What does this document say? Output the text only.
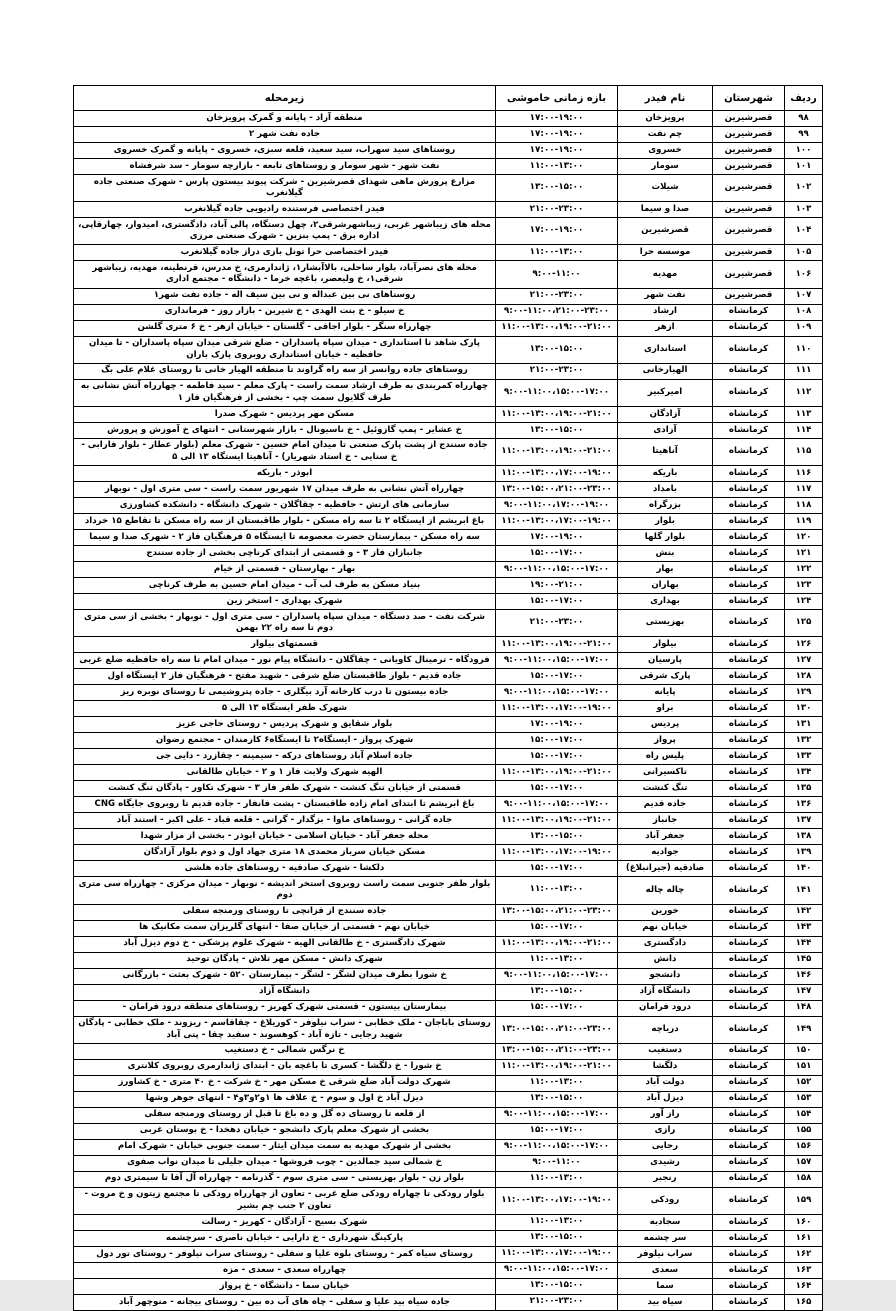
ردیف	شهرستان	نام فیدر	بازه زمانی خاموشی	زیرمحله
۹۸	قصرشیرین	پرویزخان	۱۷:۰۰-۱۹:۰۰	منطقه آزاد - پایانه و گمرک پرویزخان
۹۹	قصرشیرین	چم نفت	۱۷:۰۰-۱۹:۰۰	جاده نفت شهر ۲
۱۰۰	قصرشیرین	خسروی	۱۷:۰۰-۱۹:۰۰	روستاهای سید سهراب، سید سعید، قلعه سبزی، خسروی - پایانه و گمرک خسروی
۱۰۱	قصرشیرین	سومار	۱۱:۰۰-۱۳:۰۰	نفت شهر - شهر سومار و روستاهای تابعه - بازارچه سومار - سد شرفشاه
۱۰۲	قصرشیرین	شیلات	۱۳:۰۰-۱۵:۰۰	مزارع پرورش ماهی شهدای قصرشیرین - شرکت پیوند بیستون پارس - شهرک صنعتی جاده گیلانغرب
۱۰۳	قصرشیرین	صدا و سیما	۲۱:۰۰-۲۳:۰۰	فیدر اختصاصی فرستنده رادیویی جاده گیلانغرب
۱۰۴	قصرشیرین	قصرشیرین	۱۷:۰۰-۱۹:۰۰	محله های زیباشهر غربی، زیباشهرشرقی۲، چهل دستگاه، پالی آباد، دادگستری، امیدوار، چهارقاپی، اداره برق - پمپ بنزین - شهرک صنعتی مرزی
۱۰۵	قصرشیرین	موسسه حرا	۱۱:۰۰-۱۳:۰۰	فیدر اختصاصی حرا تونل بازی دراز جاده گیلانغرب
۱۰۶	قصرشیرین	مهدیه	۹:۰۰-۱۱:۰۰	محله های نصرآباد، بلوار ساحلی، بالاآبشار۱، ژاندارمری، خ مدرس، قرنطینه، مهدیه، زیباشهر شرقی۱، خ ولیعصر، باغچه خرما - دانشگاه - مجتمع اداری
۱۰۷	قصرشیرین	نفت شهر	۲۱:۰۰-۲۳:۰۰	روستاهای نی بین عبداله و نی بین سیف اله - جاده نفت شهر۱
۱۰۸	کرمانشاه	ارشاد	۹:۰۰-۱۱:۰۰،۲۱:۰۰-۲۳:۰۰	خ سیلو - خ بنت الهدی - خ شیرین - بازار روز - فرمانداری
۱۰۹	کرمانشاه	ازهر	۱۱:۰۰-۱۳:۰۰،۱۹:۰۰-۲۱:۰۰	چهارراه سنگر - بلوار اجاقی - گلستان - خیابان ازهر - خ ۶ متری گلشن
۱۱۰	کرمانشاه	استانداری	۱۳:۰۰-۱۵:۰۰	پارک شاهد تا استانداری - میدان سپاه پاسداران - ضلع شرقی میدان سپاه پاسداران - تا میدان حافظیه - خیابان استانداری روبروی پارک باران
۱۱۱	کرمانشاه	الهیارخانی	۲۱:۰۰-۲۳:۰۰	روستاهای جاده روانسر از سه راه گراوند تا منطقه الهیار خانی تا روستای غلام علی بگ
۱۱۲	کرمانشاه	امیرکبیر	۹:۰۰-۱۱:۰۰،۱۵:۰۰-۱۷:۰۰	چهارراه کمربندی به طرف ارشاد سمت راست - پارک معلم - سید فاطمه - چهارراه آتش نشانی به طرف گلایول سمت چپ - بخشی از فرهنگیان فاز ۱
۱۱۳	کرمانشاه	آزادگان	۱۱:۰۰-۱۳:۰۰،۱۹:۰۰-۲۱:۰۰	مسکن مهر پردیس - شهرک صدرا
۱۱۴	کرمانشاه	آزادی	۱۳:۰۰-۱۵:۰۰	خ عشایر - پمپ گازوئیل - خ ناسیونال - بازار شهرستانی - انتهای خ آموزش و پرورش
۱۱۵	کرمانشاه	آناهیتا	۱۱:۰۰-۱۳:۰۰،۱۹:۰۰-۲۱:۰۰	جاده سنندج از پشت پارک صنعتی تا میدان امام حسین - شهرک معلم (بلوار عطار - بلوار فارابی - خ سنایی - خ استاد شهریار) - آناهیتا ایستگاه ۱۳ الی ۵
۱۱۶	کرمانشاه	باریکه	۱۱:۰۰-۱۳:۰۰،۱۷:۰۰-۱۹:۰۰	ابوذر - باریکه
۱۱۷	کرمانشاه	بامداد	۱۳:۰۰-۱۵:۰۰،۲۱:۰۰-۲۳:۰۰	چهارراه آتش نشانی به طرف میدان ۱۷ شهریور سمت راست - سی متری اول - نوبهار
۱۱۸	کرمانشاه	بزرگراه	۹:۰۰-۱۱:۰۰،۱۷:۰۰-۱۹:۰۰	سازمانی های ارتش - حافظیه - چقاگلان - شهرک دانشگاه - دانشکده کشاورزی
۱۱۹	کرمانشاه	بلوار	۱۱:۰۰-۱۳:۰۰،۱۷:۰۰-۱۹:۰۰	باغ ابریشم از ایستگاه ۲ تا سه راه مسکن - بلوار طاقبستان از سه راه مسکن تا تقاطع ۱۵ خرداد
۱۲۰	کرمانشاه	بلوار گلها	۱۷:۰۰-۱۹:۰۰	سه راه مسکن - بیمارستان حضرت معصومه تا ایستگاه ۵ فرهنگیان فاز ۲ - شهرک صدا و سیما
۱۲۱	کرمانشاه	بنش	۱۵:۰۰-۱۷:۰۰	جانبازان فاز ۳ - و قسمتی از ابتدای کرناچی بخشی از جاده سنندج
۱۲۲	کرمانشاه	بهار	۹:۰۰-۱۱:۰۰،۱۵:۰۰-۱۷:۰۰	بهار - بهارستان - قسمتی از خیام
۱۲۳	کرمانشاه	بهاران	۱۹:۰۰-۲۱:۰۰	بنیاد مسکن به طرف لب آب - میدان امام حسین به طرف کرناچی
۱۲۴	کرمانشاه	بهداری	۱۵:۰۰-۱۷:۰۰	شهرک بهداری - استخر زین
۱۲۵	کرمانشاه	بهزیستی	۲۱:۰۰-۲۳:۰۰	شرکت نفت - صد دستگاه - میدان سپاه پاسداران - سی متری اول - نوبهار - بخشی از سی متری دوم تا سه راه ۲۲ بهمن
۱۲۶	کرمانشاه	بیلوار	۱۱:۰۰-۱۳:۰۰،۱۹:۰۰-۲۱:۰۰	قسمتهای بیلوار
۱۲۷	کرمانشاه	پارسیان	۹:۰۰-۱۱:۰۰،۱۵:۰۰-۱۷:۰۰	فرودگاه - ترمینال کاویانی - چقاگلان - دانشگاه پیام نور - میدان امام تا سه راه حافظیه ضلع غربی
۱۲۸	کرمانشاه	پارک شرقی	۱۵:۰۰-۱۷:۰۰	جاده قدیم - بلوار طاقبستان ضلع شرقی - شهید مفتح - فرهنگیان فاز ۲ ایستگاه اول
۱۲۹	کرمانشاه	پایانه	۹:۰۰-۱۱:۰۰،۱۵:۰۰-۱۷:۰۰	جاده بیستون تا درب کارخانه آرد بیگلری - جاده پتروشیمی تا روستای نوبره ریز
۱۳۰	کرمانشاه	براو	۱۱:۰۰-۱۳:۰۰،۱۷:۰۰-۱۹:۰۰	شهرک ظفر ایستگاه ۱۳ الی ۵
۱۳۱	کرمانشاه	پردیس	۱۷:۰۰-۱۹:۰۰	بلوار شقایق و شهرک پردیس - روستای حاجی عزیز
۱۳۲	کرمانشاه	پرواز	۱۵:۰۰-۱۷:۰۰	شهرک پرواز - ایستگاه۲ تا ایستگاه۶ کارمندان - مجتمع رضوان
۱۳۳	کرمانشاه	پلیس راه	۱۵:۰۰-۱۷:۰۰	جاده اسلام آباد روستاهای درکه - سیمینه - چقازرد - دایی جی
۱۳۴	کرمانشاه	تاکسیرانی	۱۱:۰۰-۱۳:۰۰،۱۹:۰۰-۲۱:۰۰	الهیه شهرک ولایت فاز ۱ و ۲ - خیابان طالقانی
۱۳۵	کرمانشاه	تنگ کنشت	۱۵:۰۰-۱۷:۰۰	قسمتی از خیابان تنگ کنشت - شهرک ظفر فاز ۳ - شهرک تکاور - پادگان تنگ کنشت
۱۳۶	کرمانشاه	جاده قدیم	۹:۰۰-۱۱:۰۰،۱۵:۰۰-۱۷:۰۰	باغ ابریشم تا ابتدای امام زاده طاقبستان - پشت فانفار - جاده قدیم تا روبروی جایگاه CNG
۱۳۷	کرمانشاه	جانباز	۱۱:۰۰-۱۳:۰۰،۱۹:۰۰-۲۱:۰۰	جاده گرانی - روستاهای ماوا - بزگدار - گرانی - قلعه قباد - علی اکبر - استند آباد
۱۳۸	کرمانشاه	جعفر آباد	۱۳:۰۰-۱۵:۰۰	محله جعفر آباد - خیابان اسلامی - خیابان ابوذر - بخشی از مزار شهدا
۱۳۹	کرمانشاه	جوادیه	۱۱:۰۰-۱۳:۰۰،۱۷:۰۰-۱۹:۰۰	مسکن خیابان سرباز محمدی ۱۸ متری جهاد اول و دوم بلوار آزادگان
۱۴۰	کرمانشاه	صادقیه (جیرانبلاغ)	۱۵:۰۰-۱۷:۰۰	دلکشا - شهرک صادقیه - روستاهای جاده هلشی
۱۴۱	کرمانشاه	چاله چاله	۱۱:۰۰-۱۳:۰۰	بلوار ظفر جنوبی سمت راست روبروی استخر اندیشه - نوبهار - میدان مرکزی - چهارراه سی متری دوم
۱۴۲	کرمانشاه	خورین	۱۳:۰۰-۱۵:۰۰،۲۱:۰۰-۲۳:۰۰	جاده سنندج از قزانچی تا روستای ورمنجه سفلی
۱۴۳	کرمانشاه	خیابان نهم	۱۵:۰۰-۱۷:۰۰	خیابان نهم - قسمتی از خیابان صفا - انتهای گلریزان سمت مکانیک ها
۱۴۴	کرمانشاه	دادگستری	۱۱:۰۰-۱۳:۰۰،۱۹:۰۰-۲۱:۰۰	شهرک دادگستری - خ طالقانی الهیه - شهرک علوم پزشکی - خ دوم دیزل آباد
۱۴۵	کرمانشاه	دانش	۱۱:۰۰-۱۳:۰۰	شهرک دانش - مسکن مهر تلاش - پادگان توحید
۱۴۶	کرمانشاه	دانشجو	۹:۰۰-۱۱:۰۰،۱۵:۰۰-۱۷:۰۰	خ شورا بطرف میدان لشگر - لشگر - بیمارستان ۵۲۰ - شهرک بعثت - بازرگانی
۱۴۷	کرمانشاه	دانشگاه آزاد	۱۳:۰۰-۱۵:۰۰	دانشگاه آزاد
۱۴۸	کرمانشاه	درود فرامان	۱۵:۰۰-۱۷:۰۰	بیمارستان بیستون - قسمتی شهرک کهریز - روستاهای منطقه درود فرامان -
۱۴۹	کرمانشاه	دریاچه	۱۳:۰۰-۱۵:۰۰،۲۱:۰۰-۲۳:۰۰	روستای باباجان - ملک خطابی - سراب نیلوفر - کوریلاغ - چقاقاسم - ریزوند - ملک خطابی - پادگان شهید رجایی - تازه آباد - کوهسوند - سفید چقا - پتی آباد
۱۵۰	کرمانشاه	دستغیب	۱۳:۰۰-۱۵:۰۰،۲۱:۰۰-۲۳:۰۰	خ نرگس شمالی - خ دستغیب
۱۵۱	کرمانشاه	دلگشا	۱۱:۰۰-۱۳:۰۰،۱۹:۰۰-۲۱:۰۰	خ شورا - خ دلگشا - کسری تا باغچه بان - ابتدای ژاندارمری روبروی کلانتری
۱۵۲	کرمانشاه	دولت آباد	۱۱:۰۰-۱۳:۰۰	شهرک دولت آباد ضلع شرقی خ مسکن مهر - خ شرکت - خ ۴۰ متری - خ کشاورز
۱۵۳	کرمانشاه	دیزل آباد	۱۳:۰۰-۱۵:۰۰	دیزل آباد خ اول و سوم - خ علاف ها ۱و۲و۳و۴ - انتهای جوهر وشها
۱۵۴	کرمانشاه	راز آور	۹:۰۰-۱۱:۰۰،۱۵:۰۰-۱۷:۰۰	از قلعه تا روستای ده گل و ده باغ تا قبل از روستای ورمنجه سفلی
۱۵۵	کرمانشاه	رازی	۱۵:۰۰-۱۷:۰۰	بخشی از شهرک معلم پارک دانشجو - خیابان دهخدا - خ بوستان غربی
۱۵۶	کرمانشاه	رجایی	۹:۰۰-۱۱:۰۰،۱۵:۰۰-۱۷:۰۰	بخشی از شهرک مهدیه به سمت میدان ایثار - سمت جنوبی خیابان - شهرک امام
۱۵۷	کرمانشاه	رشیدی	۹:۰۰-۱۱:۰۰	خ شمالی سید جمالدین - چوب فروشها - میدان جلیلی تا میدان نواب صفوی
۱۵۸	کرمانشاه	رنجبر	۱۱:۰۰-۱۳:۰۰	بلوار زن - بلوار بهزیستی - سی متری سوم - گذرنامه - چهارراه آل آقا تا سیمتری دوم
۱۵۹	کرمانشاه	رودکی	۱۱:۰۰-۱۳:۰۰،۱۷:۰۰-۱۹:۰۰	بلوار رودکی تا چهاراه رودکی ضلع غربی - تعاون از چهارراه رودکی تا مجتمع زیتون و خ مروت - تعاون ۲ جنب چم بشیر
۱۶۰	کرمانشاه	سجادیه	۱۱:۰۰-۱۳:۰۰	شهرک بسیج - آزادگان - کهریز - رسالت
۱۶۱	کرمانشاه	سر چشمه	۱۳:۰۰-۱۵:۰۰	پارکینگ شهرداری - خ دارایی - خیابان ناصری - سرچشمه
۱۶۲	کرمانشاه	سراب نیلوفر	۱۱:۰۰-۱۳:۰۰،۱۷:۰۰-۱۹:۰۰	روستای سیاه کمر - روستای بلوه علیا و سفلی - روستای سراب نیلوفر - روستای تور دول
۱۶۳	کرمانشاه	سعدی	۹:۰۰-۱۱:۰۰،۱۵:۰۰-۱۷:۰۰	چهارراه سعدی - سعدی - مزه
۱۶۴	کرمانشاه	سما	۱۳:۰۰-۱۵:۰۰	خیابان سما - دانشگاه - خ پرواز
۱۶۵	کرمانشاه	سیاه بید	۲۱:۰۰-۲۳:۰۰	جاده سیاه بید علیا و سفلی - چاه های آب ده بین - روستای بیجانه - منوچهر آباد
